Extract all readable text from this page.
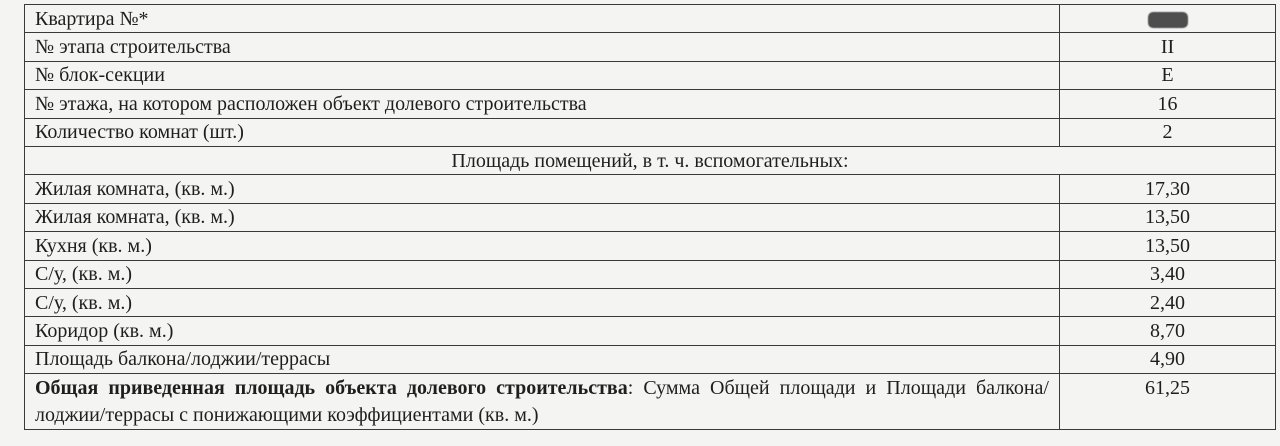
Квартира №*	
№ этапа строительства	II
№ блок-секции	Е
№ этажа, на котором расположен объект долевого строительства	16
Количество комнат (шт.)	2
Площадь помещений, в т. ч. вспомогательных:	
Жилая комната, (кв. м.)	17,30
Жилая комната, (кв. м.)	13,50
Кухня (кв. м.)	13,50
С/у, (кв. м.)	3,40
С/у, (кв. м.)	2,40
Коридор (кв. м.)	8,70
Площадь балкона/лоджии/террасы	4,90
Общая приведенная площадь объекта долевого строительства: Сумма Общей площади и Площади балкона/лоджии/террасы с понижающими коэффициентами (кв. м.)	61,25
